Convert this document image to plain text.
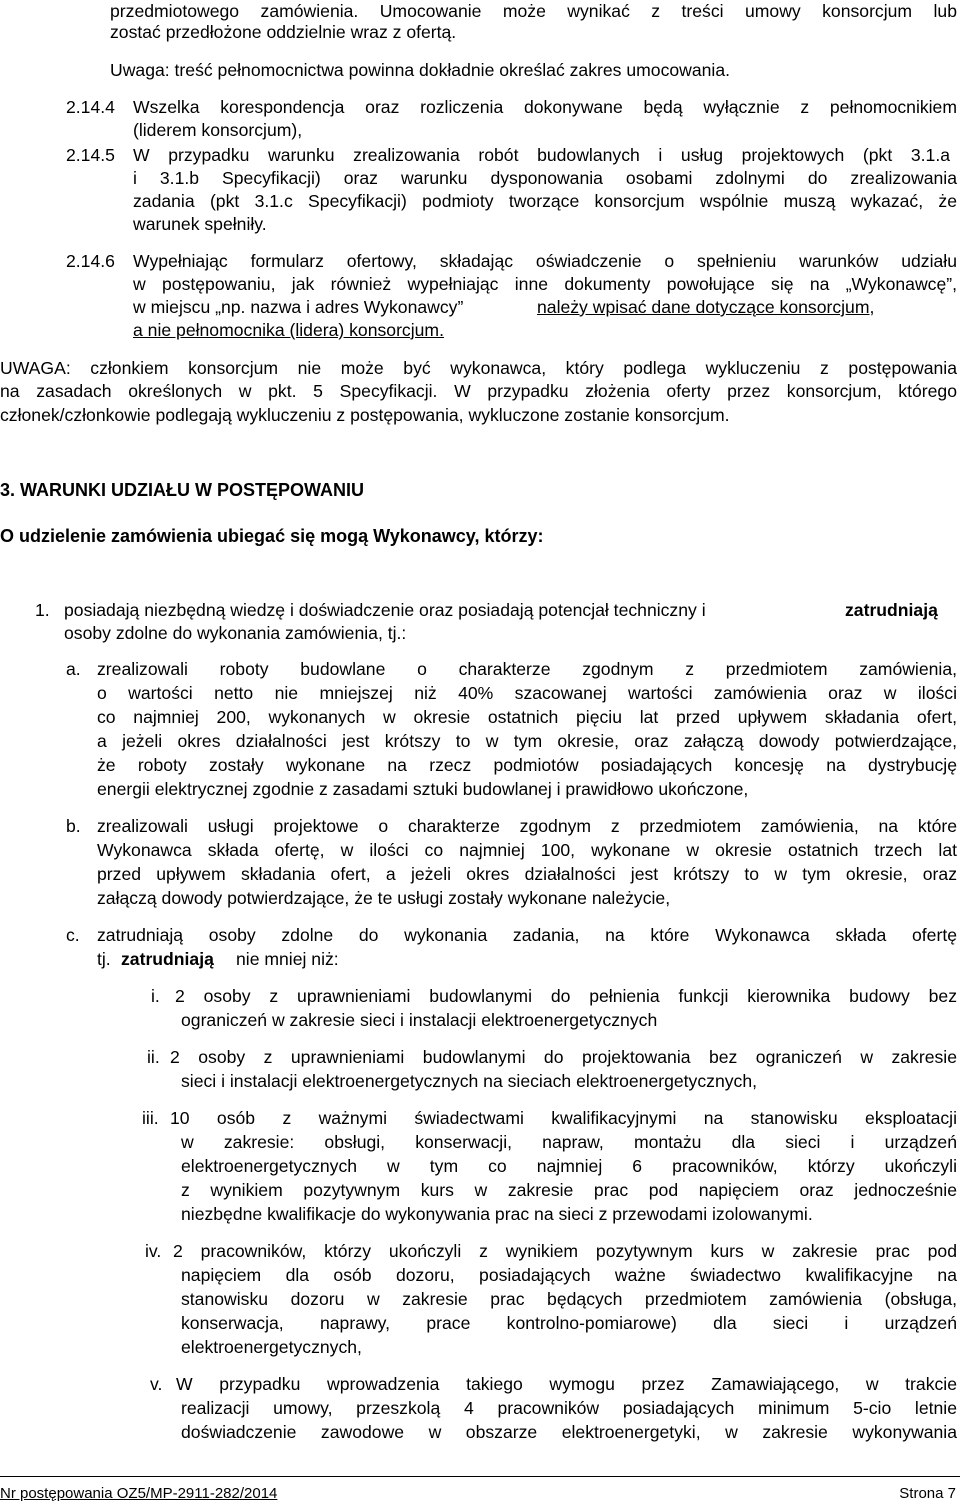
przedmiotowego zamówienia. Umocowanie może wynikać z treści umowy konsorcjum lub
zostać przedłożone oddzielnie wraz z ofertą.
Uwaga: treść pełnomocnictwa powinna dokładnie określać zakres umocowania.
2.14.4 Wszelka korespondencja oraz rozliczenia dokonywane będą wyłącznie z pełnomocnikiem
(liderem konsorcjum),
2.14.5 W przypadku warunku zrealizowania robót budowlanych i usług projektowych (pkt 3.1.a
i 3.1.b Specyfikacji) oraz warunku dysponowania osobami zdolnymi do zrealizowania
zadania (pkt 3.1.c Specyfikacji) podmioty tworzące konsorcjum wspólnie muszą wykazać, że
warunek spełniły.
2.14.6 Wypełniając formularz ofertowy, składając oświadczenie o spełnieniu warunków udziału
w postępowaniu, jak również wypełniając inne dokumenty powołujące się na „Wykonawcę”,
w miejscu „np. nazwa i adres Wykonawcy”	należy wpisać dane dotyczące konsorcjum,
a nie pełnomocnika (lidera) konsorcjum.
UWAGA: członkiem konsorcjum nie może być wykonawca, który podlega wykluczeniu z postępowania
na zasadach określonych w pkt. 5 Specyfikacji. W przypadku złożenia oferty przez konsorcjum, którego
członek/członkowie podlegają wykluczeniu z postępowania, wykluczone zostanie konsorcjum.
3. WARUNKI UDZIAŁU W POSTĘPOWANIU
O udzielenie zamówienia ubiegać się mogą Wykonawcy, którzy:
1. posiadają niezbędną wiedzę i doświadczenie oraz posiadają potencjał techniczny i	zatrudniają
osoby zdolne do wykonania zamówienia, tj.:
a. zrealizowali roboty budowlane o charakterze zgodnym z przedmiotem zamówienia,
o wartości netto nie mniejszej niż 40% szacowanej wartości zamówienia oraz w ilości
co najmniej 200, wykonanych w okresie ostatnich pięciu lat przed upływem składania ofert,
a jeżeli okres działalności jest krótszy to w tym okresie, oraz załączą dowody potwierdzające,
że roboty zostały wykonane na rzecz podmiotów posiadających koncesję na dystrybucję
energii elektrycznej zgodnie z zasadami sztuki budowlanej i prawidłowo ukończone,
b. zrealizowali usługi projektowe o charakterze zgodnym z przedmiotem zamówienia, na które
Wykonawca składa ofertę, w ilości co najmniej 100, wykonane w okresie ostatnich trzech lat
przed upływem składania ofert, a jeżeli okres działalności jest krótszy to w tym okresie, oraz
załączą dowody potwierdzające, że te usługi zostały wykonane należycie,
c. zatrudniają osoby zdolne do wykonania zadania, na które Wykonawca składa ofertę
tj. zatrudniają nie mniej niż:
i. 2 osoby z uprawnieniami budowlanymi do pełnienia funkcji kierownika budowy bez
ograniczeń w zakresie sieci i instalacji elektroenergetycznych
ii. 2 osoby z uprawnieniami budowlanymi do projektowania bez ograniczeń w zakresie
sieci i instalacji elektroenergetycznych na sieciach elektroenergetycznych,
iii. 10 osób z ważnymi świadectwami kwalifikacyjnymi na stanowisku eksploatacji
w zakresie: obsługi, konserwacji, napraw, montażu dla sieci i urządzeń
elektroenergetycznych w tym co najmniej 6 pracowników, którzy ukończyli
z wynikiem pozytywnym kurs w zakresie prac pod napięciem oraz jednocześnie
niezbędne kwalifikacje do wykonywania prac na sieci z przewodami izolowanymi.
iv. 2 pracowników, którzy ukończyli z wynikiem pozytywnym kurs w zakresie prac pod
napięciem dla osób dozoru, posiadających ważne świadectwo kwalifikacyjne na
stanowisku dozoru w zakresie prac będących przedmiotem zamówienia (obsługa,
konserwacja, naprawy, prace kontrolno-pomiarowe) dla sieci i urządzeń
elektroenergetycznych,
v. W przypadku wprowadzenia takiego wymogu przez Zamawiającego, w trakcie
realizacji umowy, przeszkolą 4 pracowników posiadających minimum 5-cio letnie
doświadczenie zawodowe w obszarze elektroenergetyki, w zakresie wykonywania
Nr postępowania OZ5/MP-2911-282/2014	Strona 7
